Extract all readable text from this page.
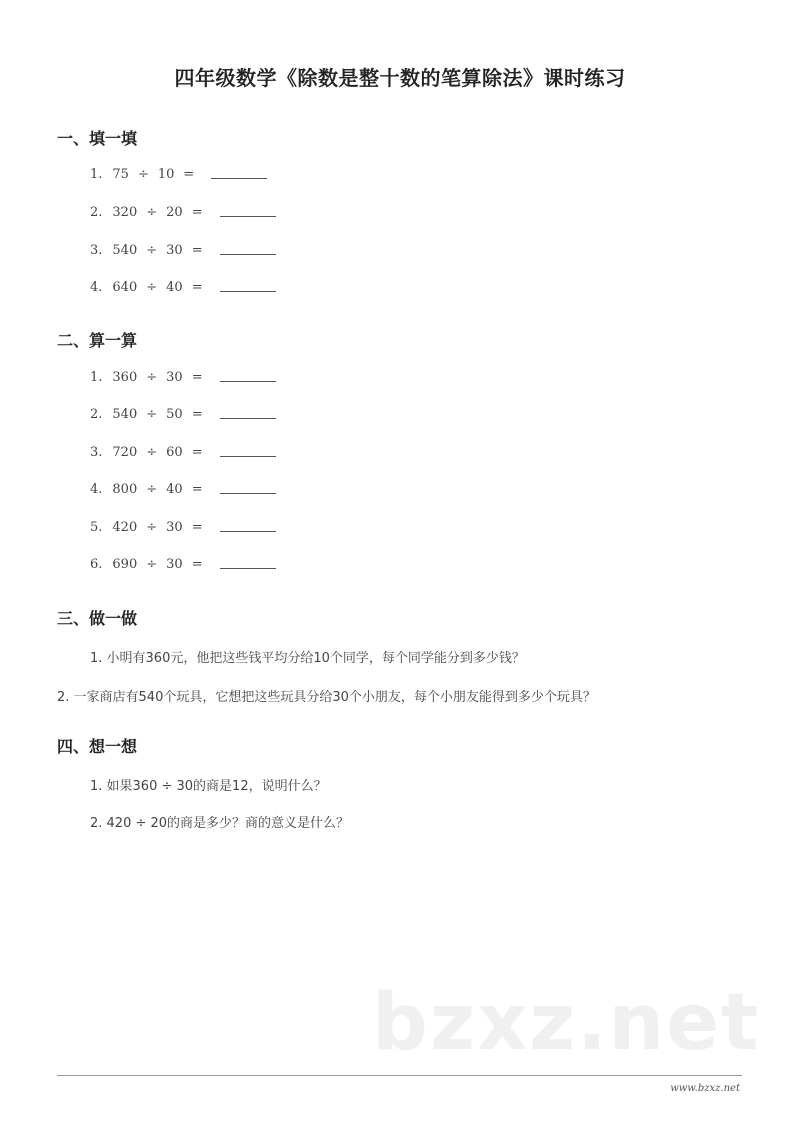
四年级数学《除数是整十数的笔算除法》课时练习
一、填一填
1. 75 ÷ 10 =
2. 320 ÷ 20 =
3. 540 ÷ 30 =
4. 640 ÷ 40 =
二、算一算
1. 360 ÷ 30 =
2. 540 ÷ 50 =
3. 720 ÷ 60 =
4. 800 ÷ 40 =
5. 420 ÷ 30 =
6. 690 ÷ 30 =
三、做一做
1. 小明有360元，他把这些钱平均分给10个同学，每个同学能分到多少钱？
2. 一家商店有540个玩具，它想把这些玩具分给30个小朋友，每个小朋友能得到多少个玩具？
四、想一想
1. 如果360 ÷ 30的商是12，说明什么？
2. 420 ÷ 20的商是多少？商的意义是什么？
bzxz.net
www.bzxz.net
